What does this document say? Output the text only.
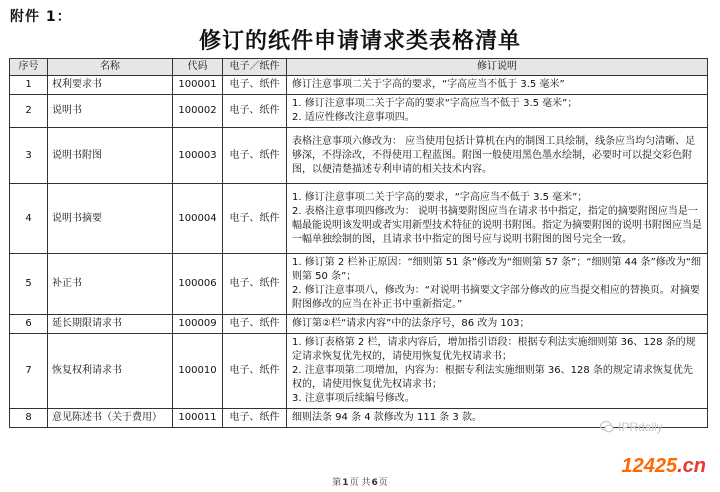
附件 1：
修订的纸件申请请求类表格清单
序号	名称	代码	电子／纸件	修订说明
1	权利要求书	100001	电子、纸件	修订注意事项二关于字高的要求，“字高应当不低于 3.5 毫米”

2	说明书	100002	电子、纸件	1. 修订注意事项二关于字高的要求“字高应当不低于 3.5 毫米”；
2. 适应性修改注意事项四。

3	说明书附图	100003	电子、纸件	表格注意事项六修改为： 应当使用包括计算机在内的制图工具绘制，线条应当均匀清晰、足够深，不得涂改，不得使用工程蓝图。附图一般使用黑色墨水绘制，必要时可以提交彩色附图，以便清楚描述专利申请的相关技术内容。

4	说明书摘要	100004	电子、纸件	1. 修订注意事项二关于字高的要求，“字高应当不低于 3.5 毫米”；
2. 表格注意事项四修改为： 说明书摘要附图应当在请求书中指定，指定的摘要附图应当是一幅最能说明该发明或者实用新型技术特征的说明书附图。指定为摘要附图的说明书附图应当是一幅单独绘制的图，且请求书中指定的图号应与说明书附图的图号完全一致。

5	补正书	100006	电子、纸件	1. 修订第 2 栏补正原因：“细则第 51 条”修改为“细则第 57 条”；“细则第 44 条”修改为“细则第 50 条”；
2. 修订注意事项八，修改为：“对说明书摘要文字部分修改的应当提交相应的替换页。对摘要附图修改的应当在补正书中重新指定。”

6	延长期限请求书	100009	电子、纸件	修订第②栏“请求内容”中的法条序号，86 改为 103；

7	恢复权利请求书	100010	电子、纸件	1. 修订表格第 2 栏，请求内容后，增加指引语段：根据专利法实施细则第 36、128 条的规定请求恢复优先权的，请使用恢复优先权请求书；
2. 注意事项第二项增加，内容为：根据专利法实施细则第 36、128 条的规定请求恢复优先权的，请使用恢复优先权请求书；
3. 注意事项后续编号修改。

8	意见陈述书（关于费用）	100011	电子、纸件	细则法条 94 条 4 款修改为 111 条 3 款。
第1页 共6页
IPRdaily
12425.cn
